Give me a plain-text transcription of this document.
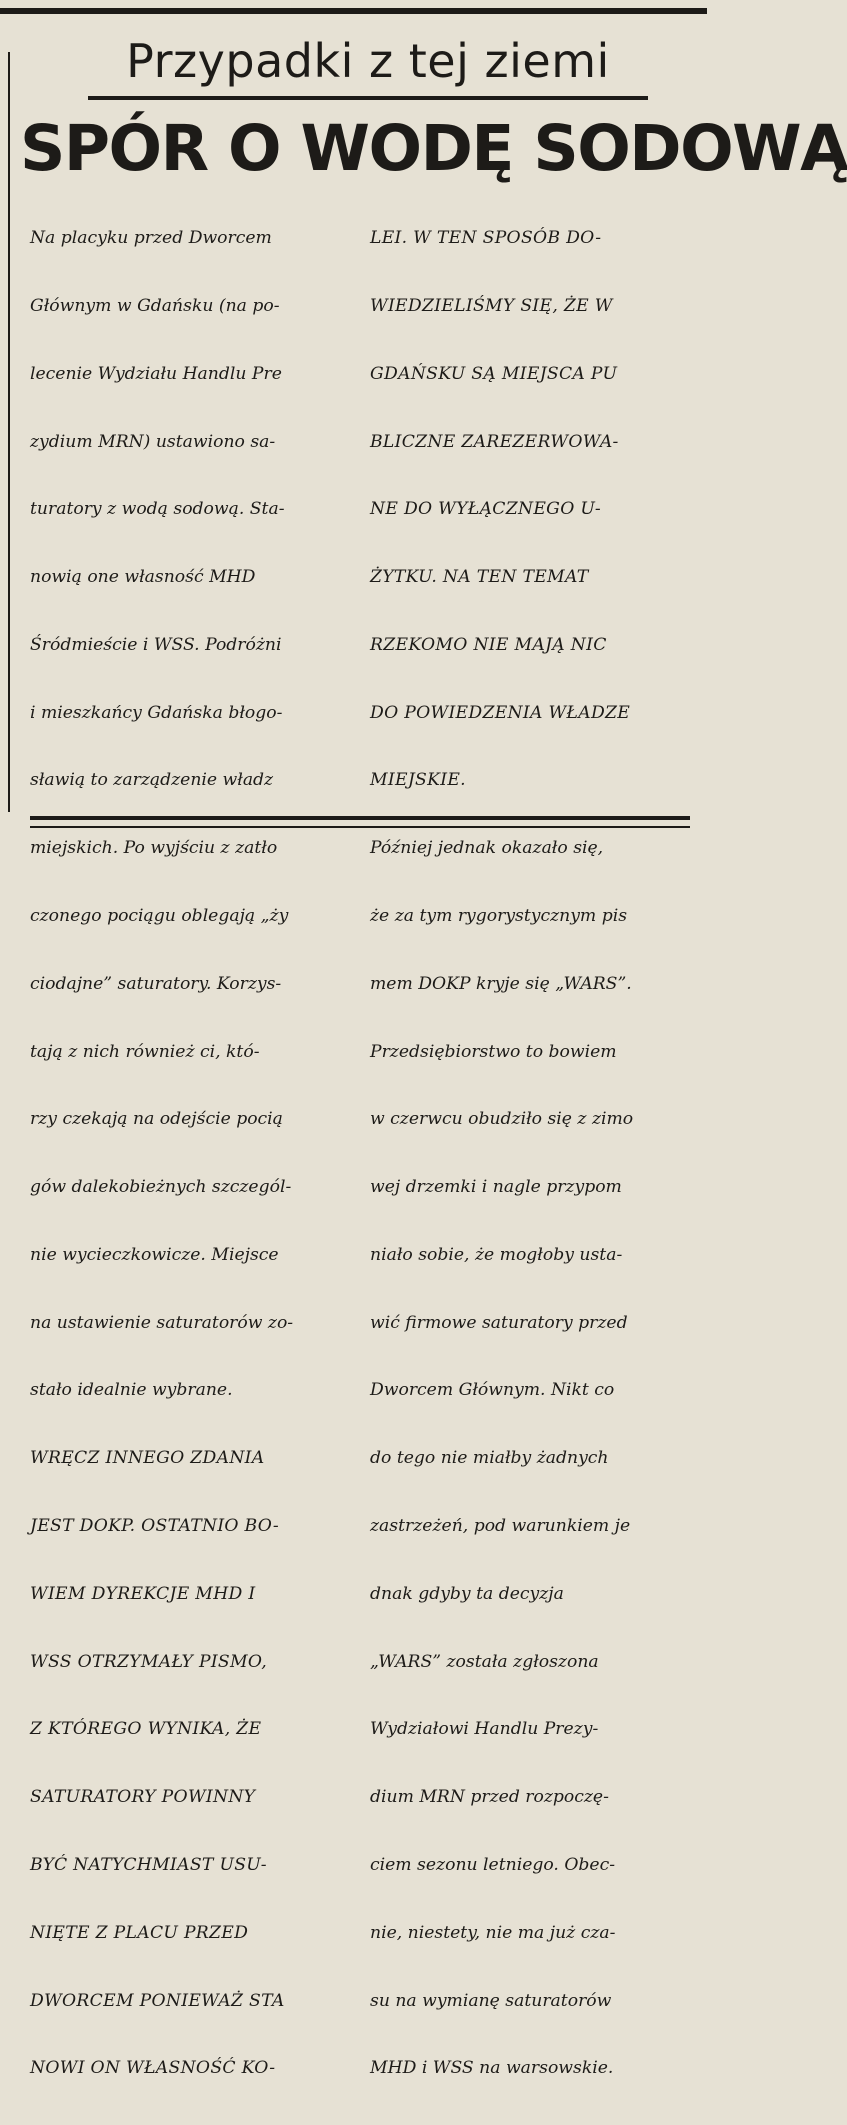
Przypadki z tej ziemi
SPÓR O WODĘ SODOWĄ

Na placyku przed Dworcem

Głównym w Gdańsku (na po-

lecenie Wydziału Handlu Pre

zydium MRN) ustawiono sa-

turatory z wodą sodową. Sta-

nowią one własność MHD

Śródmieście i WSS. Podróżni

i mieszkańcy Gdańska błogo-

sławią to zarządzenie władz

miejskich. Po wyjściu z zatło

czonego pociągu oblegają „ży

ciodajne” saturatory. Korzys-

tają z nich również ci, któ-

rzy czekają na odejście pocią

gów dalekobieżnych szczegól-

nie wycieczkowicze. Miejsce

na ustawienie saturatorów zo-

stało idealnie wybrane.

WRĘCZ INNEGO ZDANIA

JEST DOKP. OSTATNIO BO-

WIEM DYREKCJE MHD I

WSS OTRZYMAŁY PISMO,

Z KTÓREGO WYNIKA, ŻE

SATURATORY POWINNY

BYĆ NATYCHMIAST USU-

NIĘTE Z PLACU PRZED

DWORCEM PONIEWAŻ STA

NOWI ON WŁASNOŚĆ KO-

LEI. W TEN SPOSÓB DO-

WIEDZIELIŚMY SIĘ, ŻE W

GDAŃSKU SĄ MIEJSCA PU

BLICZNE ZAREZERWOWA-

NE DO WYŁĄCZNEGO U-

ŻYTKU. NA TEN TEMAT

RZEKOMO NIE MAJĄ NIC

DO POWIEDZENIA WŁADZE

MIEJSKIE.

Później jednak okazało się,

że za tym rygorystycznym pis

mem DOKP kryje się „WARS”.

Przedsiębiorstwo to bowiem

w czerwcu obudziło się z zimo

wej drzemki i nagle przypom

niało sobie, że mogłoby usta-

wić firmowe saturatory przed

Dworcem Głównym. Nikt co

do tego nie miałby żadnych

zastrzeżeń, pod warunkiem je

dnak gdyby ta decyzja

„WARS” została zgłoszona

Wydziałowi Handlu Prezy-

dium MRN przed rozpoczę-

ciem sezonu letniego. Obec-

nie, niestety, nie ma już cza-

su na wymianę saturatorów

MHD i WSS na warsowskie.
